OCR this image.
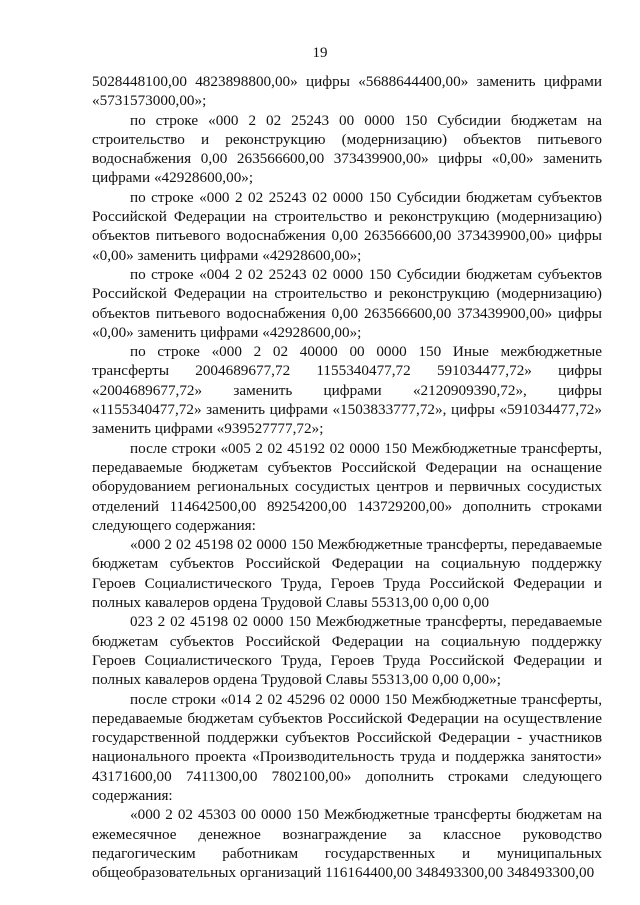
19

5028448100,00 4823898800,00» цифры «5688644400,00» заменить цифрами «5731573000,00»;

по строке «000 2 02 25243 00 0000 150 Субсидии бюджетам на строительство и реконструкцию (модернизацию) объектов питьевого водоснабжения 0,00 263566600,00 373439900,00» цифры «0,00» заменить цифрами «42928600,00»;

по строке «000 2 02 25243 02 0000 150 Субсидии бюджетам субъектов Российской Федерации на строительство и реконструкцию (модернизацию) объектов питьевого водоснабжения 0,00 263566600,00 373439900,00» цифры «0,00» заменить цифрами «42928600,00»;

по строке «004 2 02 25243 02 0000 150 Субсидии бюджетам субъектов Российской Федерации на строительство и реконструкцию (модернизацию) объектов питьевого водоснабжения 0,00 263566600,00 373439900,00» цифры «0,00» заменить цифрами «42928600,00»;

по строке «000 2 02 40000 00 0000 150 Иные межбюджетные трансферты 2004689677,72 1155340477,72 591034477,72» цифры «2004689677,72» заменить цифрами «2120909390,72», цифры «1155340477,72» заменить цифрами «1503833777,72», цифры «591034477,72» заменить цифрами «939527777,72»;

после строки «005 2 02 45192 02 0000 150 Межбюджетные трансферты, передаваемые бюджетам субъектов Российской Федерации на оснащение оборудованием региональных сосудистых центров и первичных сосудистых отделений 114642500,00 89254200,00 143729200,00» дополнить строками следующего содержания:

«000 2 02 45198 02 0000 150 Межбюджетные трансферты, передаваемые бюджетам субъектов Российской Федерации на социальную поддержку Героев Социалистического Труда, Героев Труда Российской Федерации и полных кавалеров ордена Трудовой Славы 55313,00 0,00 0,00

023 2 02 45198 02 0000 150 Межбюджетные трансферты, передаваемые бюджетам субъектов Российской Федерации на социальную поддержку Героев Социалистического Труда, Героев Труда Российской Федерации и полных кавалеров ордена Трудовой Славы 55313,00 0,00 0,00»;

после строки «014 2 02 45296 02 0000 150 Межбюджетные трансферты, передаваемые бюджетам субъектов Российской Федерации на осуществление государственной поддержки субъектов Российской Федерации - участников национального проекта «Производительность труда и поддержка занятости» 43171600,00 7411300,00 7802100,00» дополнить строками следующего содержания:

«000 2 02 45303 00 0000 150 Межбюджетные трансферты бюджетам на ежемесячное денежное вознаграждение за классное руководство педагогическим работникам государственных и муниципальных общеобразовательных организаций 116164400,00 348493300,00 348493300,00
